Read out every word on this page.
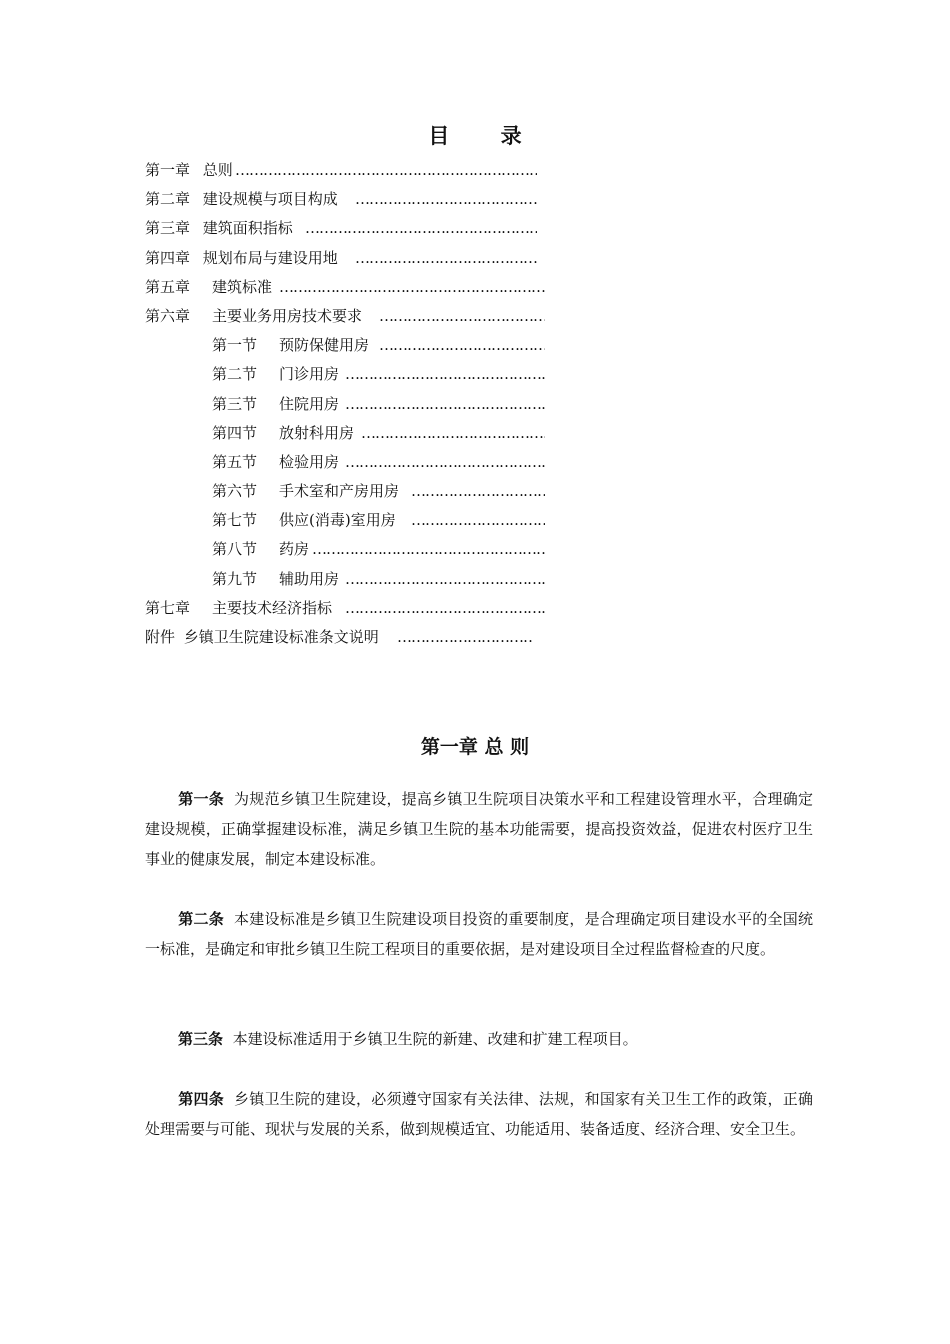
目 录
第一章 总则
……………………………………………………………………………………………………………………………………
第二章 建设规模与项目构成
……………………………………………………………………………………………………………………………………
第三章 建筑面积指标
……………………………………………………………………………………………………………………………………
第四章 规划布局与建设用地
……………………………………………………………………………………………………………………………………
第五章 建筑标准
……………………………………………………………………………………………………………………………………
第六章 主要业务用房技术要求
……………………………………………………………………………………………………………………………………
第一节 预防保健用房
……………………………………………………………………………………………………………………………………
第二节 门诊用房
……………………………………………………………………………………………………………………………………
第三节 住院用房
……………………………………………………………………………………………………………………………………
第四节 放射科用房
……………………………………………………………………………………………………………………………………
第五节 检验用房
……………………………………………………………………………………………………………………………………
第六节 手术室和产房用房
……………………………………………………………………………………………………………………………………
第七节 供应(消毒)室用房
……………………………………………………………………………………………………………………………………
第八节 药房
……………………………………………………………………………………………………………………………………
第九节 辅助用房
……………………………………………………………………………………………………………………………………
第七章 主要技术经济指标
……………………………………………………………………………………………………………………………………
附件 乡镇卫生院建设标准条文说明
……………………………………………………………………………………………………………………………………
第一章 总 则
第一条 为规范乡镇卫生院建设，提高乡镇卫生院项目决策水平和工程建设管理水平，合理确定建设规模，正确掌握建设标准，满足乡镇卫生院的基本功能需要，提高投资效益，促进农村医疗卫生事业的健康发展，制定本建设标准。
第二条 本建设标准是乡镇卫生院建设项目投资的重要制度，是合理确定项目建设水平的全国统一标准，是确定和审批乡镇卫生院工程项目的重要依据，是对建设项目全过程监督检查的尺度。
第三条 本建设标准适用于乡镇卫生院的新建、改建和扩建工程项目。
第四条 乡镇卫生院的建设，必须遵守国家有关法律、法规，和国家有关卫生工作的政策，正确处理需要与可能、现状与发展的关系，做到规模适宜、功能适用、装备适度、经济合理、安全卫生。
